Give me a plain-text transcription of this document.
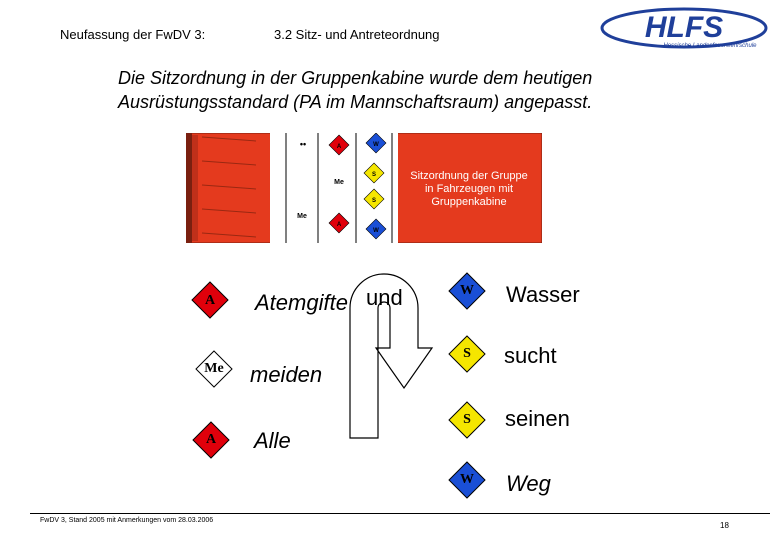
Neufassung der FwDV 3:	3.2 Sitz- und Antreteordnung	HLFS
Hessische Landesfeuerwehrschule
Die Sitzordnung in der Gruppenkabine wurde dem heutigen
Ausrüstungsstandard (PA im Mannschaftsraum) angepasst.
••
Me
Me
A
A
S
S
W
W
Sitzordnung der Gruppe
in Fahrzeugen mit
Gruppenkabine
A	Atemgifte
Me	meiden
A	Alle
und	W	Wasser
S	sucht
S	seinen
W	Weg
FwDV 3, Stand 2005 mit Anmerkungen vom 28.03.2006
18
